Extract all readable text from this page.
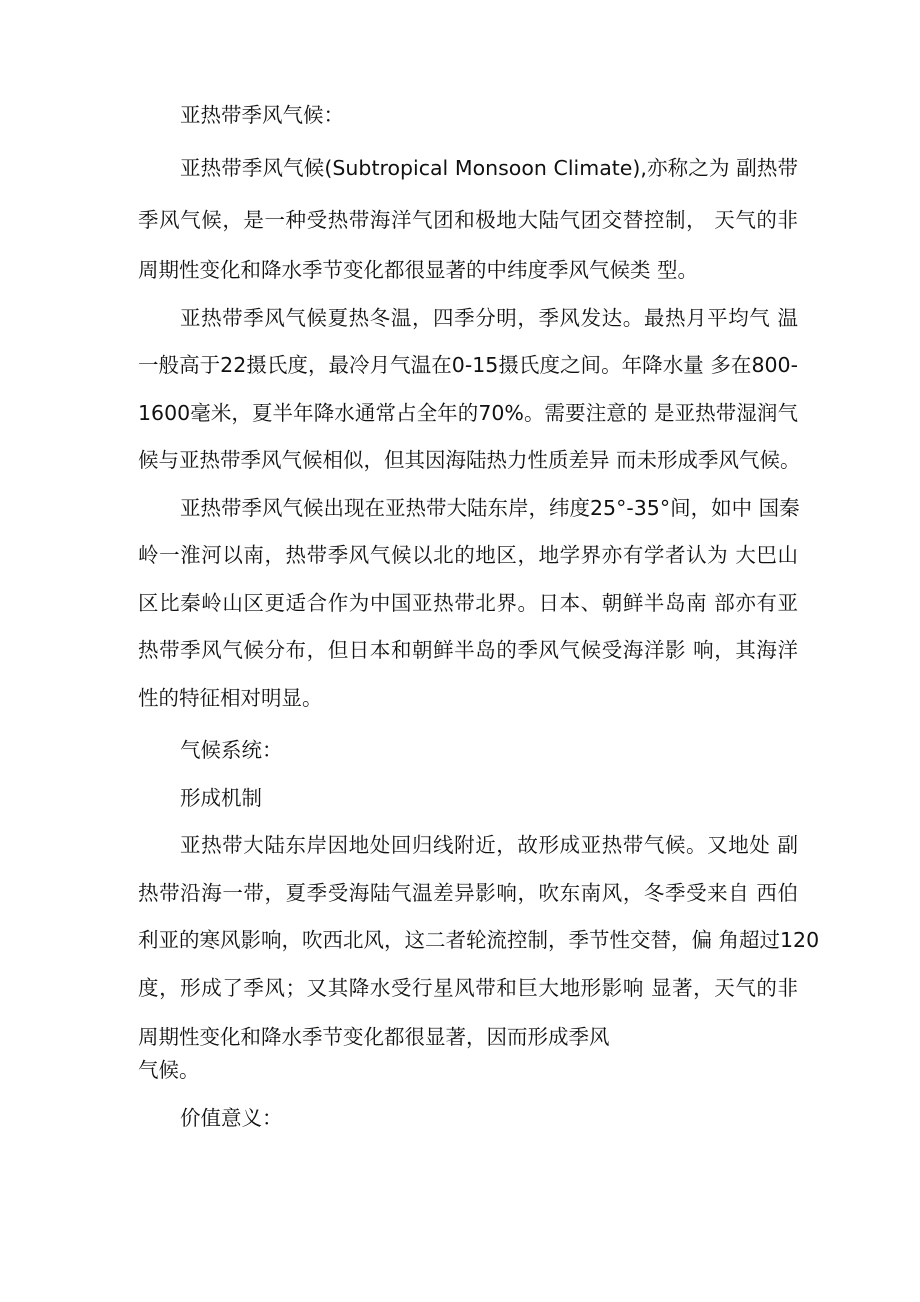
亚热带季风气候：
亚热带季风气候(Subtropical Monsoon Climate),亦称之为 副热带
季风气候，是一种受热带海洋气团和极地大陆气团交替控制， 天气的非
周期性变化和降水季节变化都很显著的中纬度季风气候类 型。
亚热带季风气候夏热冬温，四季分明，季风发达。最热月平均气 温
一般高于22摄氏度，最冷月气温在0-15摄氏度之间。年降水量 多在800-
1600毫米，夏半年降水通常占全年的70%。需要注意的 是亚热带湿润气
候与亚热带季风气候相似，但其因海陆热力性质差异 而未形成季风气候。
亚热带季风气候出现在亚热带大陆东岸，纬度25°-35°间，如中 国秦
岭一淮河以南，热带季风气候以北的地区，地学界亦有学者认为 大巴山
区比秦岭山区更适合作为中国亚热带北界。日本、朝鲜半岛南 部亦有亚
热带季风气候分布，但日本和朝鲜半岛的季风气候受海洋影 响，其海洋
性的特征相对明显。
气候系统：
形成机制
亚热带大陆东岸因地处回归线附近，故形成亚热带气候。又地处 副
热带沿海一带，夏季受海陆气温差异影响，吹东南风，冬季受来自 西伯
利亚的寒风影响，吹西北风，这二者轮流控制，季节性交替，偏 角超过120
度，形成了季风；又其降水受行星风带和巨大地形影响 显著，天气的非
周期性变化和降水季节变化都很显著，因而形成季风
气候。
价值意义：
